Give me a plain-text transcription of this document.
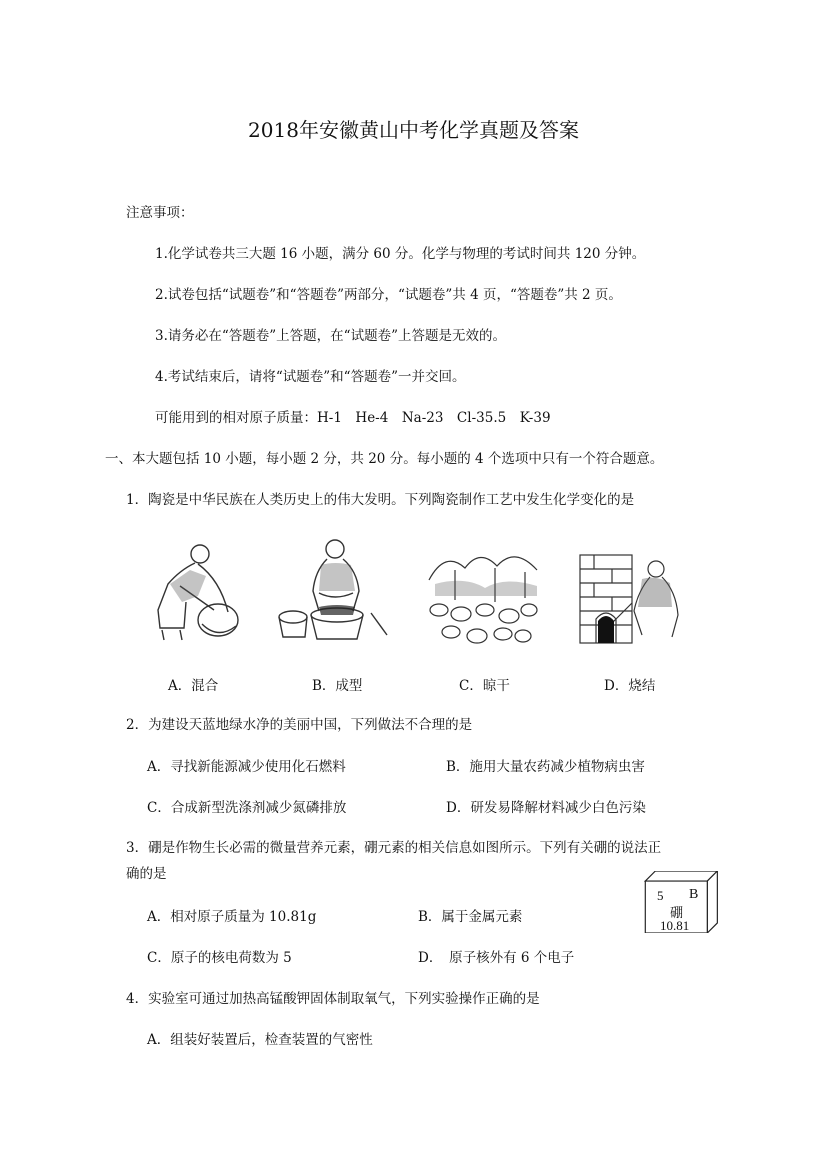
2018年安徽黄山中考化学真题及答案
注意事项：
1.化学试卷共三大题 16 小题，满分 60 分。化学与物理的考试时间共 120 分钟。
2.试卷包括“试题卷”和“答题卷”两部分，“试题卷”共 4 页，“答题卷”共 2 页。
3.请务必在“答题卷”上答题，在“试题卷”上答题是无效的。
4.考试结束后，请将“试题卷”和“答题卷”一并交回。
可能用到的相对原子质量：H-1　He-4　Na-23　Cl-35.5　K-39
一、本大题包括 10 小题，每小题 2 分，共 20 分。每小题的 4 个选项中只有一个符合题意。
1．陶瓷是中华民族在人类历史上的伟大发明。下列陶瓷制作工艺中发生化学变化的是
A．混合	B．成型	C．晾干	D．烧结
2．为建设天蓝地绿水净的美丽中国，下列做法不合理的是
A．寻找新能源减少使用化石燃料	B．施用大量农药减少植物病虫害
C．合成新型洗涤剂减少氮磷排放	D．研发易降解材料减少白色污染
3．硼是作物生长必需的微量营养元素，硼元素的相关信息如图所示。下列有关硼的说法正
确的是
5 B
硼
10.81
A．相对原子质量为 10.81g	B．属于金属元素
C．原子的核电荷数为 5	D．　原子核外有 6 个电子
4．实验室可通过加热高锰酸钾固体制取氧气，下列实验操作正确的是
A．组装好装置后，检查装置的气密性
